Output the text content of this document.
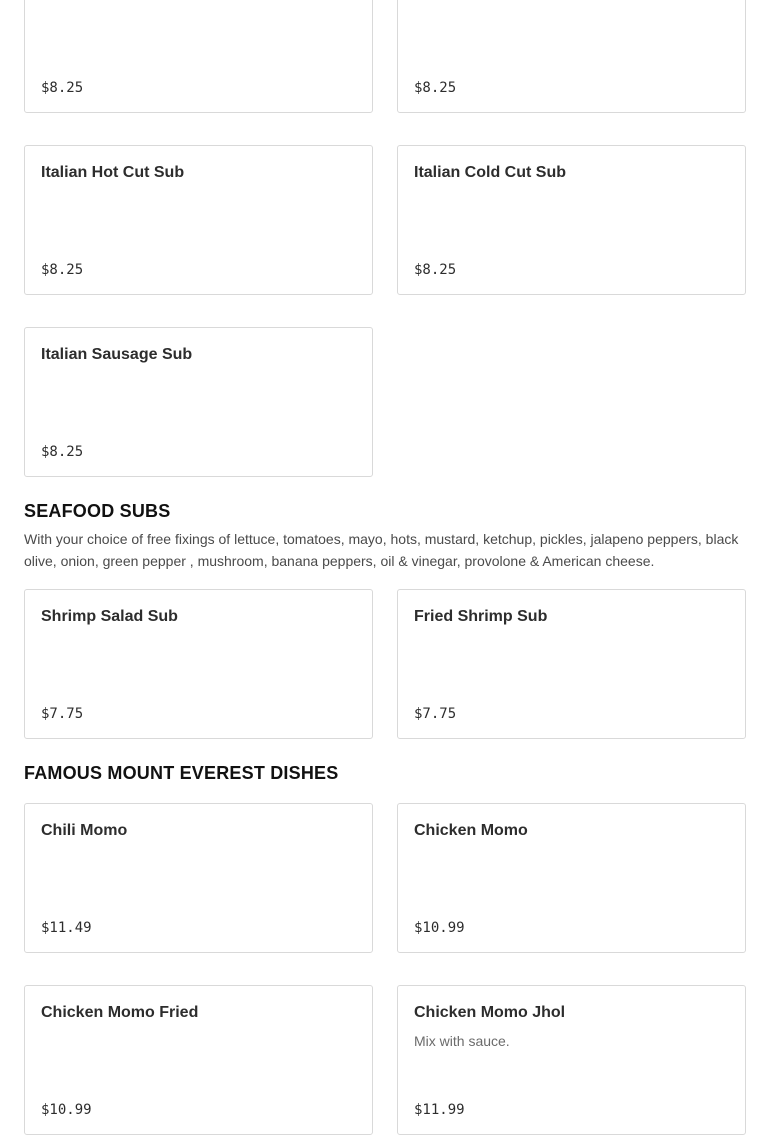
$8.25	$8.25
Italian Hot Cut Sub
$8.25
Italian Cold Cut Sub
$8.25
Italian Sausage Sub
$8.25
SEAFOOD SUBS

With your choice of free fixings of lettuce, tomatoes, mayo, hots, mustard, ketchup, pickles, jalapeno peppers, black olive, onion, green pepper , mushroom, banana peppers, oil & vinegar, provolone & American cheese.

Shrimp Salad Sub
$7.75
Fried Shrimp Sub
$7.75
FAMOUS MOUNT EVEREST DISHES
Chili Momo
$11.49
Chicken Momo
$10.99
Chicken Momo Fried
$10.99
Chicken Momo Jhol
Mix with sauce.
$11.99
